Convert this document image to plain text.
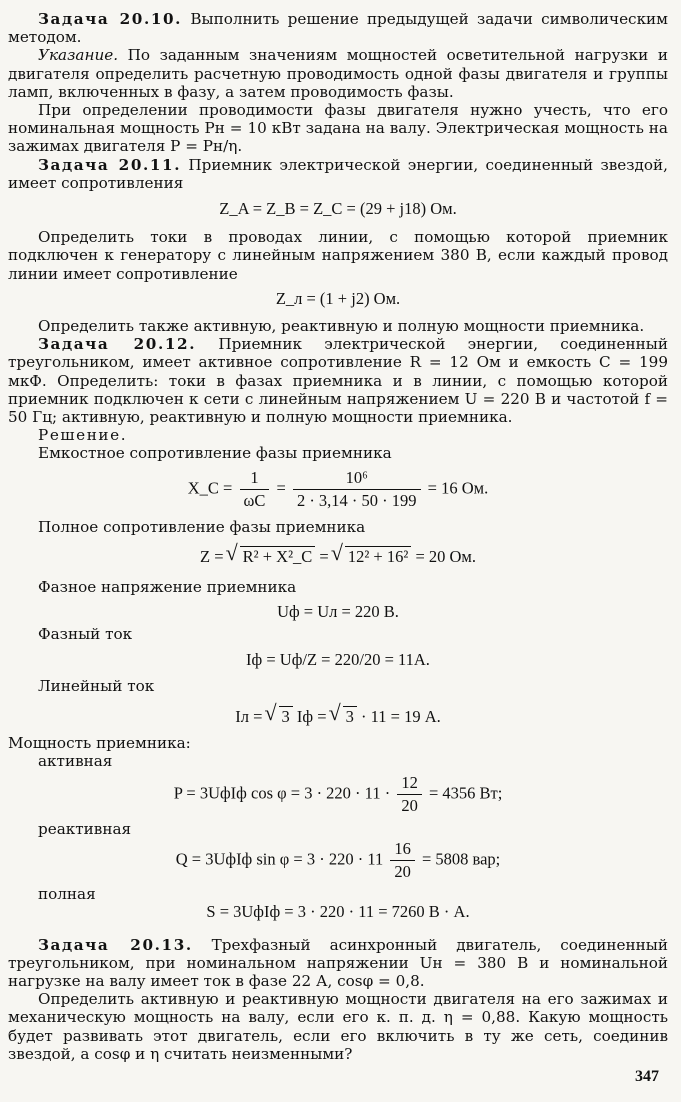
Задача 20.10. Выполнить решение предыдущей задачи символическим методом.

Указание. По заданным значениям мощностей осветительной нагрузки и двигателя определить расчетную проводимость одной фазы двигателя и группы ламп, включенных в фазу, а затем проводимость фазы.

При определении проводимости фазы двигателя нужно учесть, что его номинальная мощность Pн = 10 кВт задана на валу. Электрическая мощность на зажимах двигателя P = Pн/η.

Задача 20.11. Приемник электрической энергии, соединенный звездой, имеет сопротивления

Z_A = Z_B = Z_C = (29 + j18) Ом.

Определить токи в проводах линии, с помощью которой приемник подключен к генератору с линейным напряжением 380 В, если каждый провод линии имеет сопротивление

Z_л = (1 + j2) Ом.

Определить также активную, реактивную и полную мощности приемника.

Задача 20.12. Приемник электрической энергии, соединенный треугольником, имеет активное сопротивление R = 12 Ом и емкость C = 199 мкФ. Определить: токи в фазах приемника и в линии, с помощью которой приемник подключен к сети с линейным напряжением U = 220 В и частотой f = 50 Гц; активную, реактивную и полную мощности приемника.

Решение.

Емкостное сопротивление фазы приемника

X_C = $\frac{1}{\omega C} = \frac{\text{10⁶}}{2 \cdot 3,14 \cdot 50 \cdot 199} = 16$ Ом.

Полное сопротивление фазы приемника

Z = √ R² + X²_C = √ 12² + 16² = 20 Ом.

Фазное напряжение приемника

Uф = Uл = 220 В.

Фазный ток

Iф = Uф/Z = 220/20 = 11А.

Линейный ток

Iл = √ 3 Iф = √ 3 · 11 = 19 А.

Мощность приемника:

активная

P = 3UфIф $\cos \varphi = 3 \cdot 220 \cdot 11 \cdot \frac{12}{20} = 4356$ Вт;

реактивная

Q = 3UфIф $\sin \varphi = 3 \cdot 220 \cdot 11 \frac{16}{20} = 5808$ вар;

полная

S = 3UфIф = 3 · 220 · 11 = 7260 В · А.

Задача 20.13. Трехфазный асинхронный двигатель, соединенный треугольником, при номинальном напряжении Uн = 380 В и номинальной нагрузке на валу имеет ток в фазе 22 А, cosφ = 0,8.

Определить активную и реактивную мощности двигателя на его зажимах и механическую мощность на валу, если его к. п. д. η = 0,88. Какую мощность будет развивать этот двигатель, если его включить в ту же сеть, соединив звездой, а cosφ и η считать неизменными?

347
